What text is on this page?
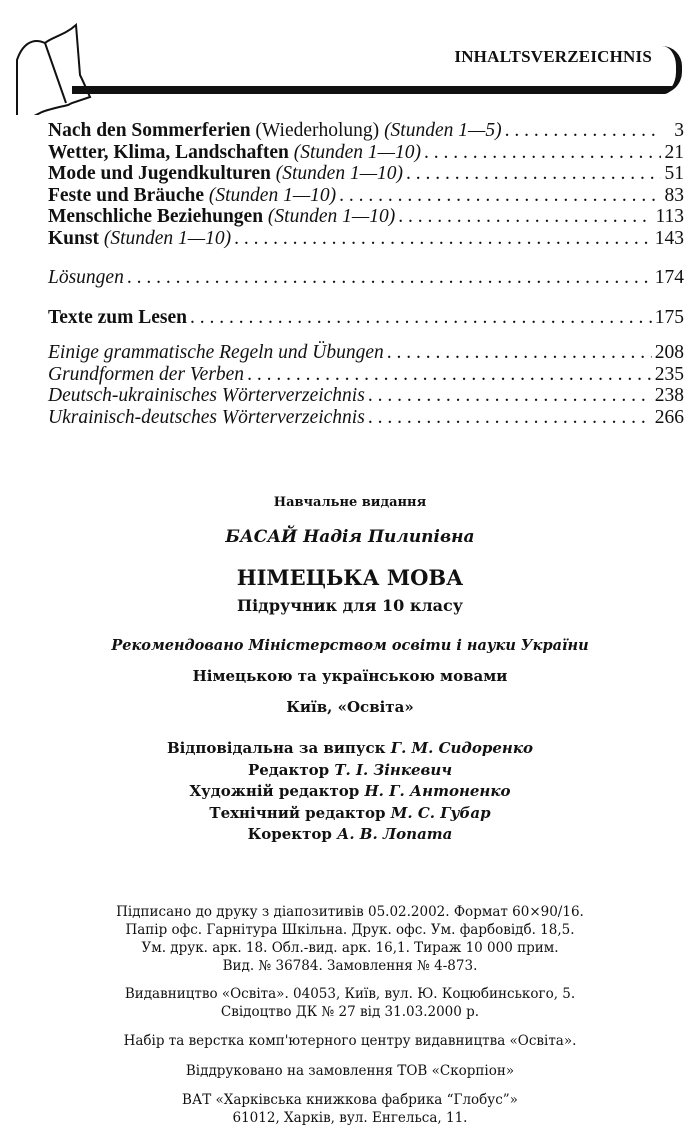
INHALTSVERZEICHNIS
Nach den Sommerferien (Wiederholung) (Stunden 1—5) . . .	3
Wetter, Klima, Landschaften (Stunden 1—10) . . .	21
Mode und Jugendkulturen (Stunden 1—10) . . .	51
Feste und Bräuche (Stunden 1—10) . . .	83
Menschliche Beziehungen (Stunden 1—10) . . .	113
Kunst (Stunden 1—10) . . .	143
Lösungen . . .	174
Texte zum Lesen . . .	175
Einige grammatische Regeln und Übungen . . .	208
Grundformen der Verben . . .	235
Deutsch-ukrainisches Wörterverzeichnis . . .	238
Ukrainisch-deutsches Wörterverzeichnis . . .	266
Навчальне видання
БАСАЙ Надія Пилипівна
НІМЕЦЬКА МОВА
Підручник для 10 класу
Рекомендовано Міністерством освіти і науки України
Німецькою та українською мовами
Київ, «Освіта»
Відповідальна за випуск Г. М. Сидоренко
Редактор Т. І. Зінкевич
Художній редактор Н. Г. Антоненко
Технічний редактор М. С. Губар
Коректор А. В. Лопата
Підписано до друку з діапозитивів 05.02.2002. Формат 60×90/16.
Папір офс. Гарнітура Шкільна. Друк. офс. Ум. фарбовідб. 18,5.
Ум. друк. арк. 18. Обл.-вид. арк. 16,1. Тираж 10 000 прим.
Вид. № 36784. Замовлення № 4-873.
Видавництво «Освіта». 04053, Київ, вул. Ю. Коцюбинського, 5.
Свідоцтво ДК № 27 від 31.03.2000 р.
Набір та верстка комп'ютерного центру видавництва «Освіта».
Віддруковано на замовлення ТОВ «Скорпіон»
ВАТ «Харківська книжкова фабрика “Глобус”»
61012, Харків, вул. Енгельса, 11.
